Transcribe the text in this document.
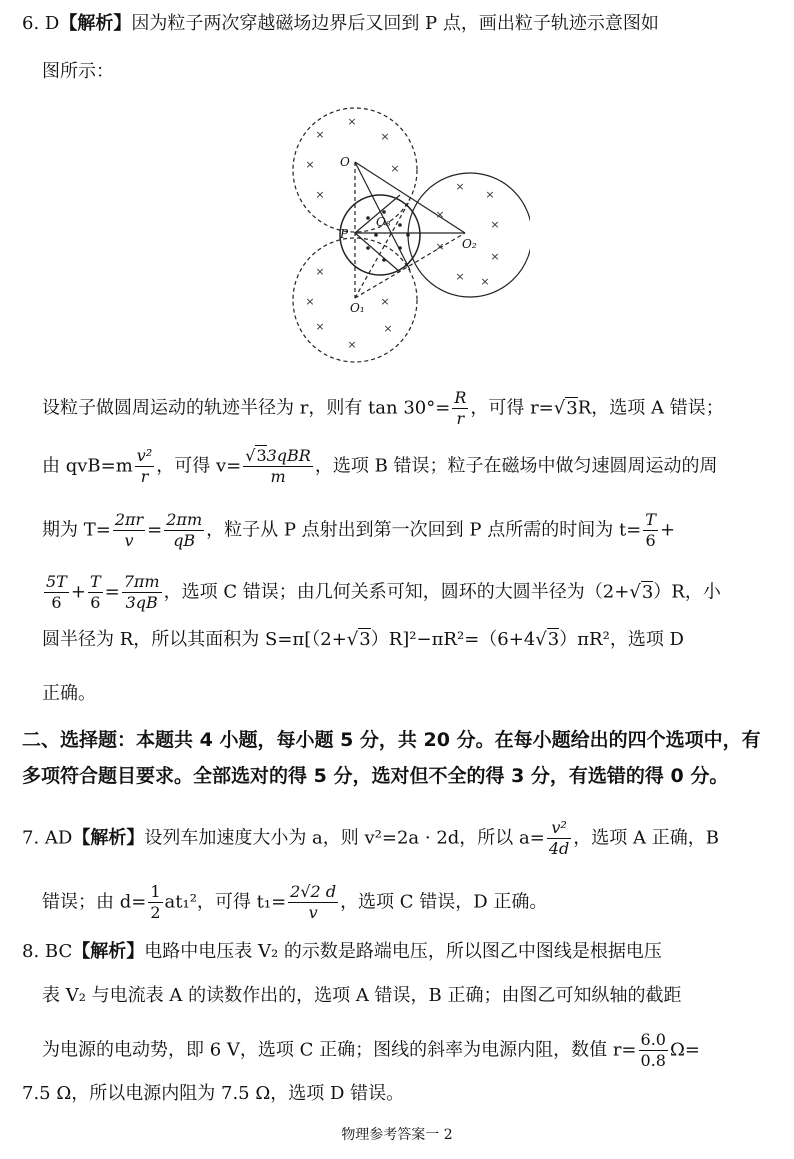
6. D【解析】因为粒子两次穿越磁场边界后又回到 P 点，画出粒子轨迹示意图如
图所示：
×
×
×
×	×
×
×
×	×
×
×
×
×
×
×
×
×
×
× ×
O
P
O₁
O₂
O₃
设粒子做圆周运动的轨迹半径为 r，则有 $\tan 30^\circ= \frac{R}{r}$ ，可得 r=√3R，选项 A 错误；
由 $qvB=m \frac{\text{v²}}{r}$ ，可得 $v= \frac{\text{√33qBR}}{m}$ ，选项 B 错误；粒子在磁场中做匀速圆周运动的周
期为 $T= \frac{2\pi r}{v} = \frac{2\pi m}{qB}$ ，粒子从 P 点射出到第一次回到 P 点所需的时间为 $t= \frac{T}{6}$ +
$\frac{5T}{6} + \frac{T}{6} = \frac{7\pi m}{3qB}$ ，选项 C 错误；由几何关系可知，圆环的大圆半径为（2+√3）R，小
圆半径为 R，所以其面积为 S=π[（2+√3）R]²−πR²=（6+4√3）πR²，选项 D
正确。
二、选择题：本题共 4 小题，每小题 5 分，共 20 分。在每小题给出的四个选项中，有
多项符合题目要求。全部选对的得 5 分，选对但不全的得 3 分，有选错的得 0 分。
7. AD【解析】设列车加速度大小为 a，则 v²=2a · 2d，所以 $a= \frac{\text{v²}}{4d}$ ，选项 A 正确，B
错误；由 $d= \frac{1}{2} at_1^2$，可得 $t_1= \frac{2√2 d}{v}$ ，选项 C 错误，D 正确。
8. BC【解析】电路中电压表 V₂ 的示数是路端电压，所以图乙中图线是根据电压
表 V₂ 与电流表 A 的读数作出的，选项 A 错误，B 正确；由图乙可知纵轴的截距
为电源的电动势，即 6 V，选项 C 正确；图线的斜率为电源内阻，数值 $r= \frac{6.0}{0.8} \Omega=$
7.5 Ω，所以电源内阻为 7.5 Ω，选项 D 错误。
物理参考答案一 2
